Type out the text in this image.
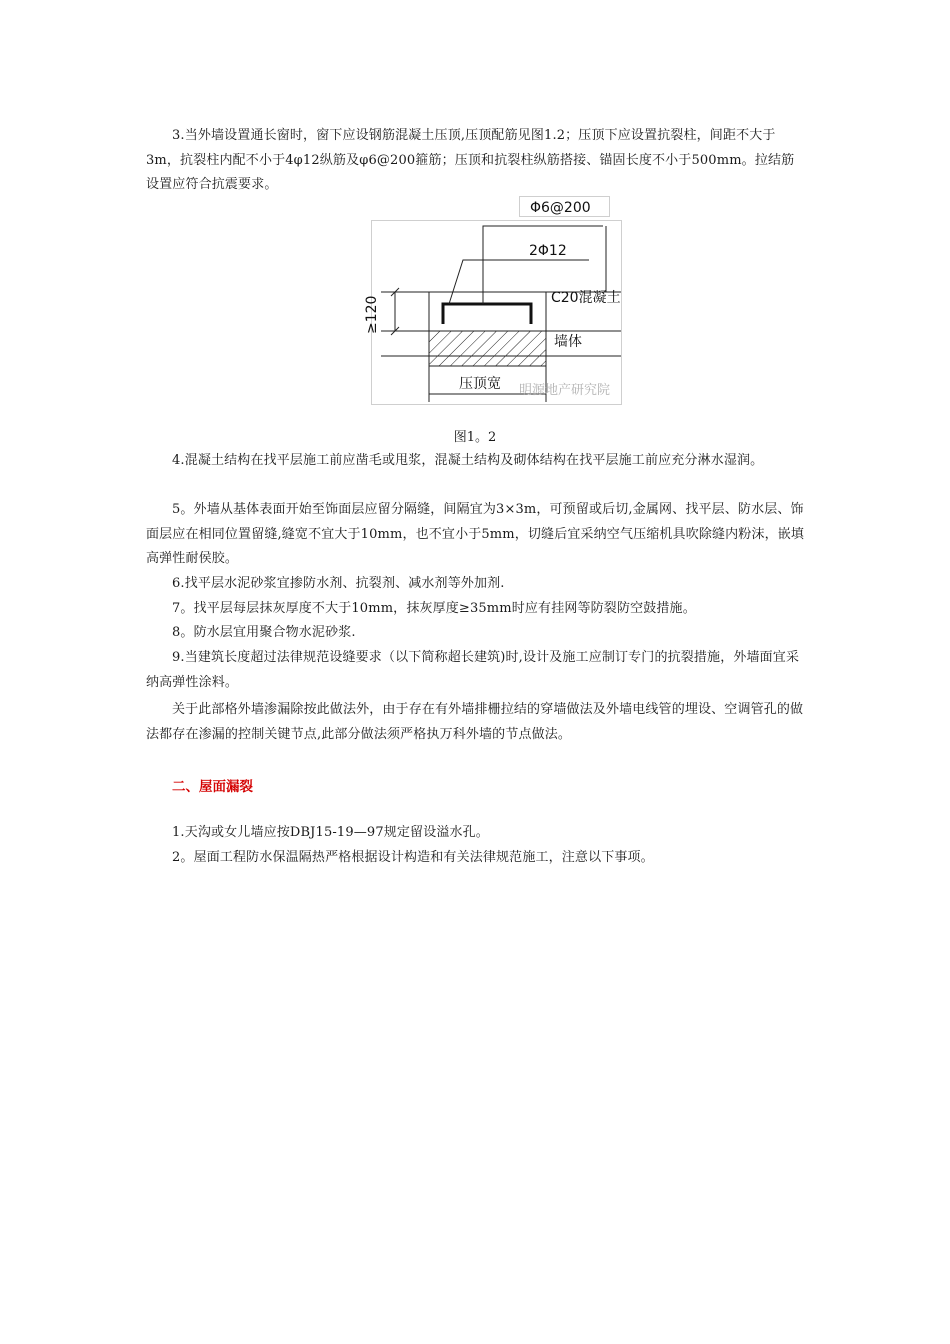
3.当外墙设置通长窗时，窗下应设钢筋混凝土压顶,压顶配筋见图1.2；压顶下应设置抗裂柱，间距不大于3m，抗裂柱内配不小于4φ12纵筋及φ6@200箍筋；压顶和抗裂柱纵筋搭接、锚固长度不小于500mm。拉结筋设置应符合抗震要求。

Φ6@200
≥120
2Φ12
C20混凝土
墙体
压顶宽 明源地产研究院

图1。2

4.混凝土结构在找平层施工前应凿毛或甩浆，混凝土结构及砌体结构在找平层施工前应充分淋水湿润。

5。外墙从基体表面开始至饰面层应留分隔缝，间隔宜为3×3m，可预留或后切,金属网、找平层、防水层、饰面层应在相同位置留缝,缝宽不宜大于10mm，也不宜小于5mm，切缝后宜采纳空气压缩机具吹除缝内粉沫，嵌填高弹性耐侯胶。

6.找平层水泥砂浆宜掺防水剂、抗裂剂、减水剂等外加剂.

7。找平层每层抹灰厚度不大于10mm，抹灰厚度≥35mm时应有挂网等防裂防空鼓措施。

8。防水层宜用聚合物水泥砂浆.

9.当建筑长度超过法律规范设缝要求（以下简称超长建筑)时,设计及施工应制订专门的抗裂措施，外墙面宜采纳高弹性涂料。

关于此部格外墙渗漏除按此做法外，由于存在有外墙排栅拉结的穿墙做法及外墙电线管的埋设、空调管孔的做法都存在渗漏的控制关键节点,此部分做法须严格执万科外墙的节点做法。

二、屋面漏裂

1.天沟或女儿墙应按DBJ15-19—97规定留设溢水孔。

2。屋面工程防水保温隔热严格根据设计构造和有关法律规范施工，注意以下事项。
